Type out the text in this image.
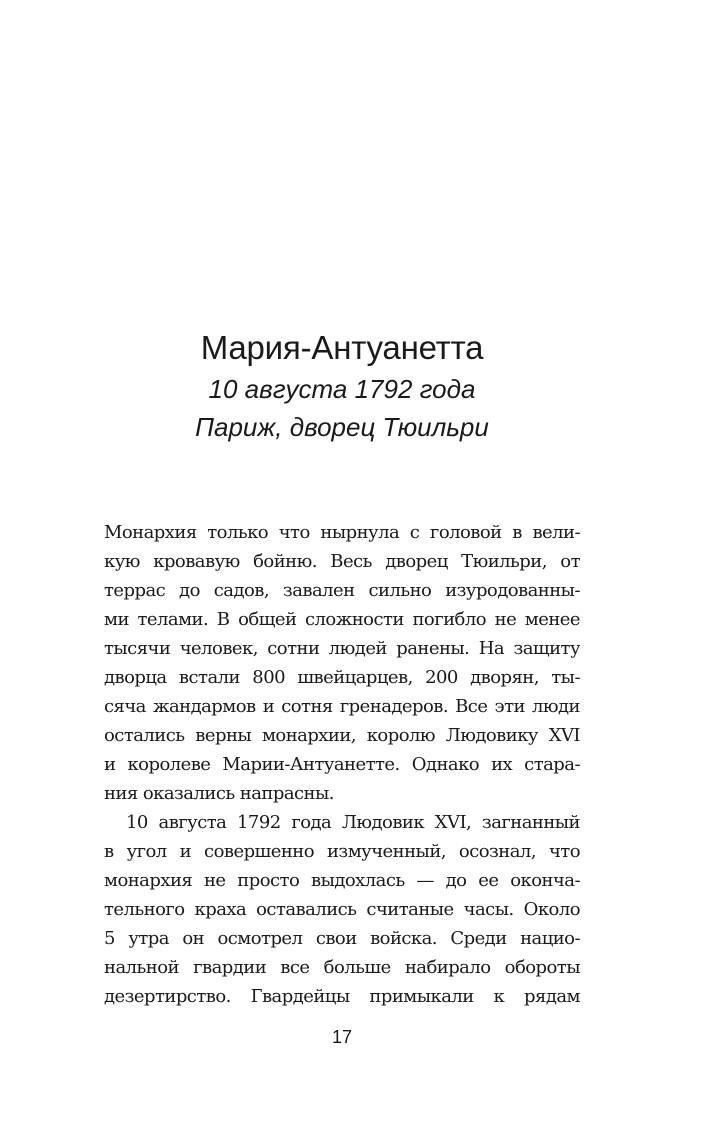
Мария-Антуанетта

10 августа 1792 года

Париж, дворец Тюильри

Монархия только что нырнула с головой в вели-
кую кровавую бойню. Весь дворец Тюильри, от
террас до садов, завален сильно изуродованны-
ми телами. В общей сложности погибло не менее
тысячи человек, сотни людей ранены. На защиту
дворца встали 800 швейцарцев, 200 дворян, ты-
сяча жандармов и сотня гренадеров. Все эти люди
остались верны монархии, королю Людовику XVI
и королеве Марии-Антуанетте. Однако их стара-
ния оказались напрасны.
10 августа 1792 года Людовик XVI, загнанный
в угол и совершенно измученный, осознал, что
монархия не просто выдохлась — до ее оконча-
тельного краха оставались считаные часы. Около
5 утра он осмотрел свои войска. Среди нацио-
нальной гвардии все больше набирало обороты
дезертирство. Гвардейцы примыкали к рядам
17
